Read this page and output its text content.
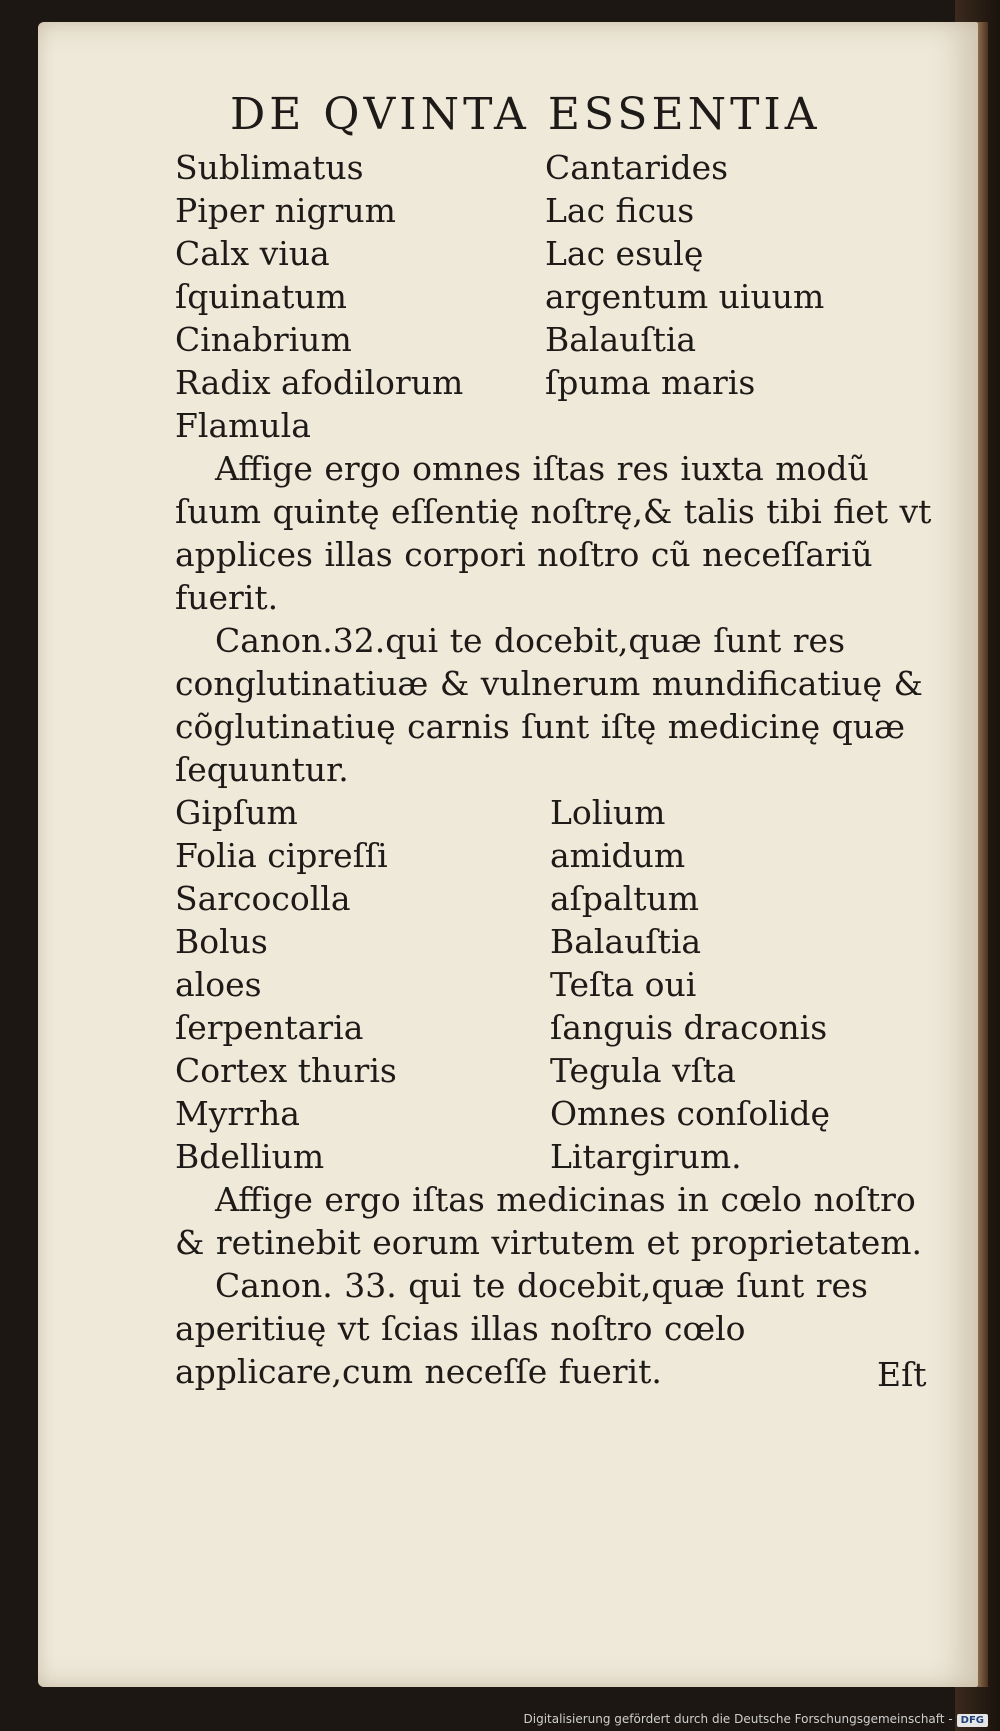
DE QVINTA ESSENTIA
Sublimatus	Cantarides
Piper nigrum	Lac ficus
Calx viua	Lac esulę
ſquinatum	argentum uiuum
Cinabrium	Balauſtia
Radix afodilorum	ſpuma maris
Flamula

Affige ergo omnes iſtas res iuxta modũ ſuum quintę eſſentię noſtrę,& talis tibi fiet vt applices illas corpori noſtro cũ neceſſariũ fuerit.

Canon.32.qui te docebit,quæ ſunt res conglutinatiuæ & vulnerum mundificatiuę & cõglutinatiuę carnis ſunt iſtę medicinę quæ ſequuntur.

Gipſum	Lolium
Folia cipreſſi	amidum
Sarcocolla	aſpaltum
Bolus	Balauſtia
aloes	Teſta oui
ſerpentaria	ſanguis draconis
Cortex thuris	Tegula vſta
Myrrha	Omnes conſolidę
Bdellium	Litargirum.

Affige ergo iſtas medicinas in cœlo noſtro & retinebit eorum virtutem et proprietatem.

Canon. 33. qui te docebit,quæ ſunt res aperitiuę vt ſcias illas noſtro cœlo applicare,cum neceſſe fuerit.	Eſt
Digitalisierung gefördert durch die Deutsche Forschungsgemeinschaft - DFG
